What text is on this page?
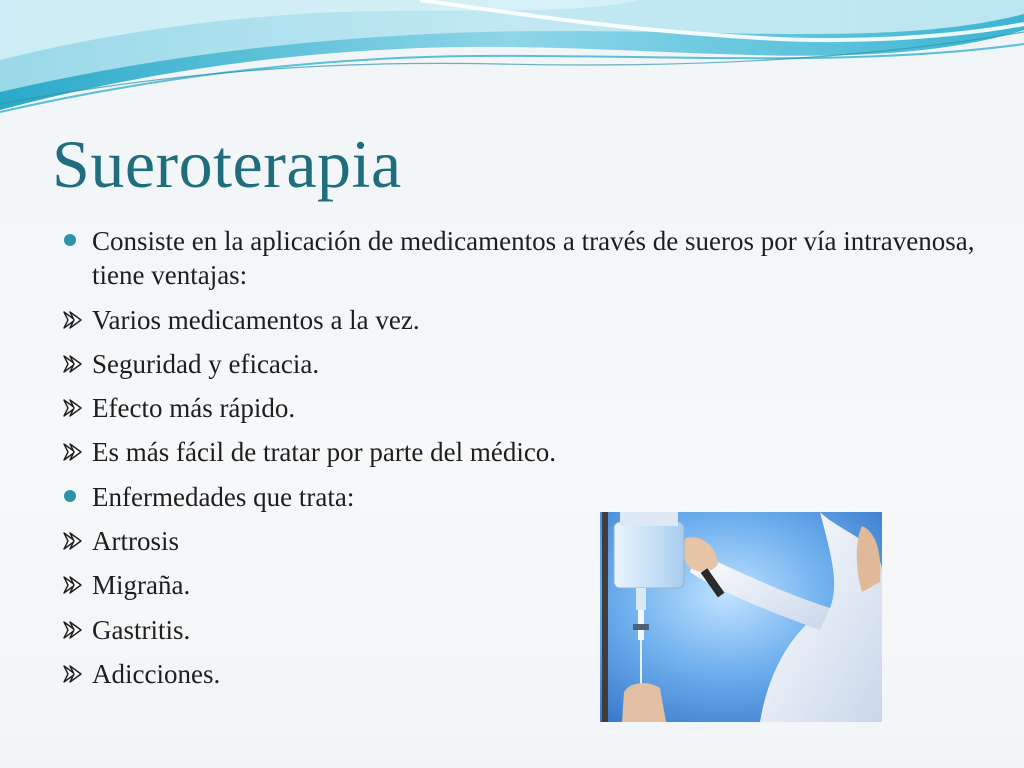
Sueroterapia
Consiste en la aplicación de medicamentos a través de sueros por vía intravenosa, tiene ventajas:
Varios medicamentos a la vez.
Seguridad y eficacia.
Efecto más rápido.
Es más fácil de tratar por parte del médico.
Enfermedades que trata:
Artrosis
Migraña.
Gastritis.
Adicciones.
